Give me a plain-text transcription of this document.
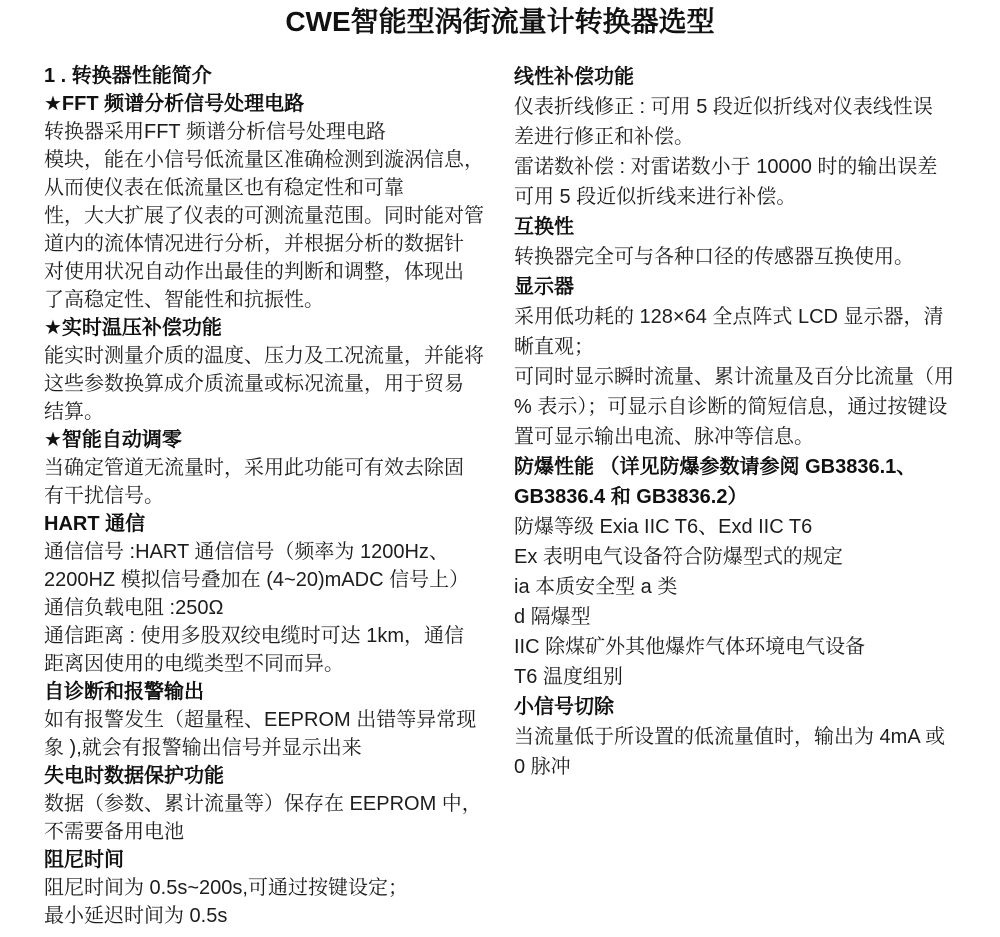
CWE智能型涡街流量计转换器选型
1 . 转换器性能简介
★FFT 频谱分析信号处理电路
转换器采用FFT 频谱分析信号处理电路
模块，能在小信号低流量区准确检测到漩涡信息，
从而使仪表在低流量区也有稳定性和可靠
性，大大扩展了仪表的可测流量范围。同时能对管
道内的流体情况进行分析，并根据分析的数据针
对使用状况自动作出最佳的判断和调整，体现出
了高稳定性、智能性和抗振性。
★实时温压补偿功能
能实时测量介质的温度、压力及工况流量，并能将
这些参数换算成介质流量或标况流量，用于贸易
结算。
★智能自动调零
当确定管道无流量时，采用此功能可有效去除固
有干扰信号。
HART 通信
通信信号 :HART 通信信号（频率为 1200Hz、
2200HZ 模拟信号叠加在 (4~20)mADC 信号上）
通信负载电阻 :250Ω
通信距离 : 使用多股双绞电缆时可达 1km，通信
距离因使用的电缆类型不同而异。
自诊断和报警输出
如有报警发生（超量程、EEPROM 出错等异常现
象 ),就会有报警输出信号并显示出来
失电时数据保护功能
数据（参数、累计流量等）保存在 EEPROM 中，
不需要备用电池
阻尼时间
阻尼时间为 0.5s~200s,可通过按键设定；
最小延迟时间为 0.5s
线性补偿功能
仪表折线修正 : 可用 5 段近似折线对仪表线性误
差进行修正和补偿。
雷诺数补偿 : 对雷诺数小于 10000 时的输出误差
可用 5 段近似折线来进行补偿。
互换性
转换器完全可与各种口径的传感器互换使用。
显示器
采用低功耗的 128×64 全点阵式 LCD 显示器，清
晰直观；
可同时显示瞬时流量、累计流量及百分比流量（用
% 表示）；可显示自诊断的简短信息，通过按键设
置可显示输出电流、脉冲等信息。
防爆性能 （详见防爆参数请参阅 GB3836.1、GB3836.4 和 GB3836.2）
防爆等级 Exia IIC T6、Exd IIC T6
Ex 表明电气设备符合防爆型式的规定
ia 本质安全型 a 类
d 隔爆型
IIC 除煤矿外其他爆炸气体环境电气设备
T6 温度组别
小信号切除
当流量低于所设置的低流量值时，输出为 4mA 或
0 脉冲
